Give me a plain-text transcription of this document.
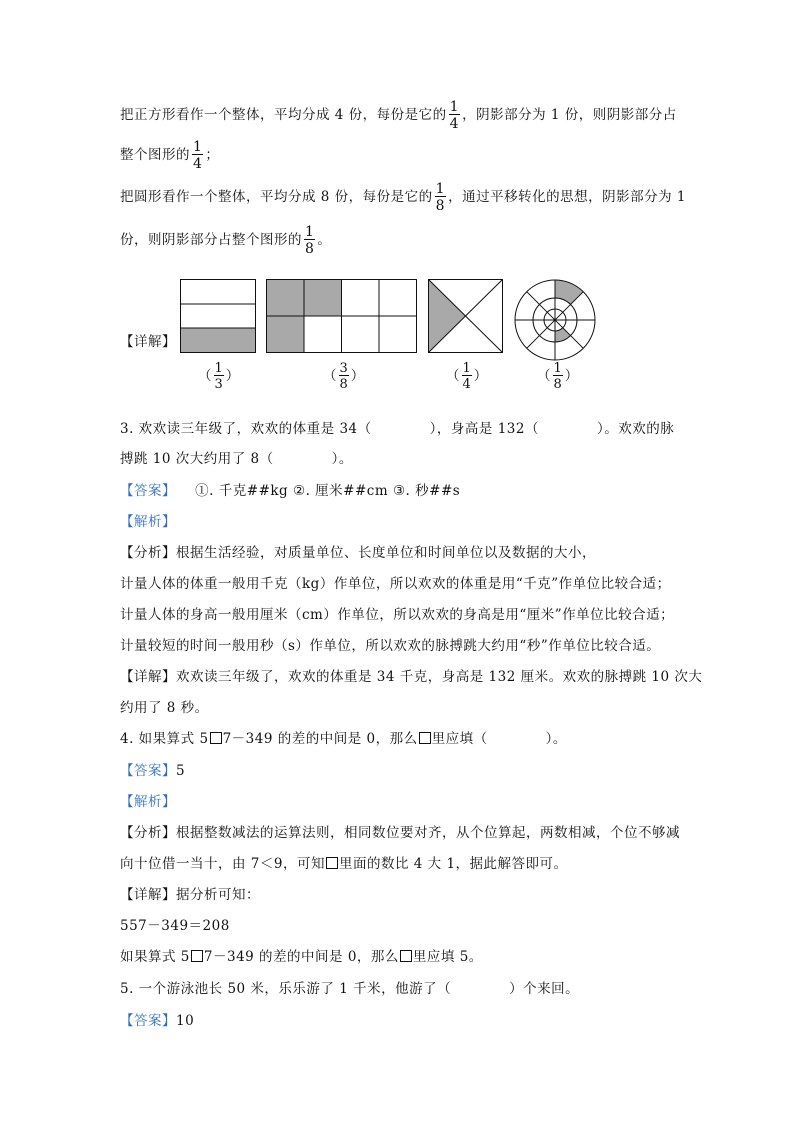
把正方形看作一个整体，平均分成 4 份，每份是它的 $\frac{1}{4}$ ，阴影部分为 1 份，则阴影部分占
整个图形的 $\frac{1}{4}$ ；
把圆形看作一个整体，平均分成 8 份，每份是它的 $\frac{1}{8}$ ，通过平移转化的思想，阴影部分为 1
份，则阴影部分占整个图形的 $\frac{1}{8}$ 。
【详解】
（ $\frac{1}{3}$ ）	（ $\frac{3}{8}$ ）	（ $\frac{1}{4}$ ）	（ $\frac{1}{8}$ ）
3. 欢欢读三年级了，欢欢的体重是 34（	），身高是 132（	）。欢欢的脉
搏跳 10 次大约用了 8（	）。
【答案】 ①. 千克##kg ②. 厘米##cm ③. 秒##s
【解析】
【分析】根据生活经验，对质量单位、长度单位和时间单位以及数据的大小，
计量人体的体重一般用千克（kg）作单位，所以欢欢的体重是用“千克”作单位比较合适；
计量人体的身高一般用厘米（cm）作单位，所以欢欢的身高是用“厘米”作单位比较合适；
计量较短的时间一般用秒（s）作单位，所以欢欢的脉搏跳大约用“秒”作单位比较合适。
【详解】欢欢读三年级了，欢欢的体重是 34 千克，身高是 132 厘米。欢欢的脉搏跳 10 次大
约用了 8 秒。
4. 如果算式 5 7－349 的差的中间是 0，那么 里应填（	）。
【答案】5
【解析】
【分析】根据整数减法的运算法则，相同数位要对齐，从个位算起，两数相减，个位不够减
向十位借一当十，由 7＜9，可知 里面的数比 4 大 1，据此解答即可。
【详解】据分析可知：
557－349＝208
如果算式 5 7－349 的差的中间是 0，那么 里应填 5。
5. 一个游泳池长 50 米，乐乐游了 1 千米，他游了（	）个来回。
【答案】10
